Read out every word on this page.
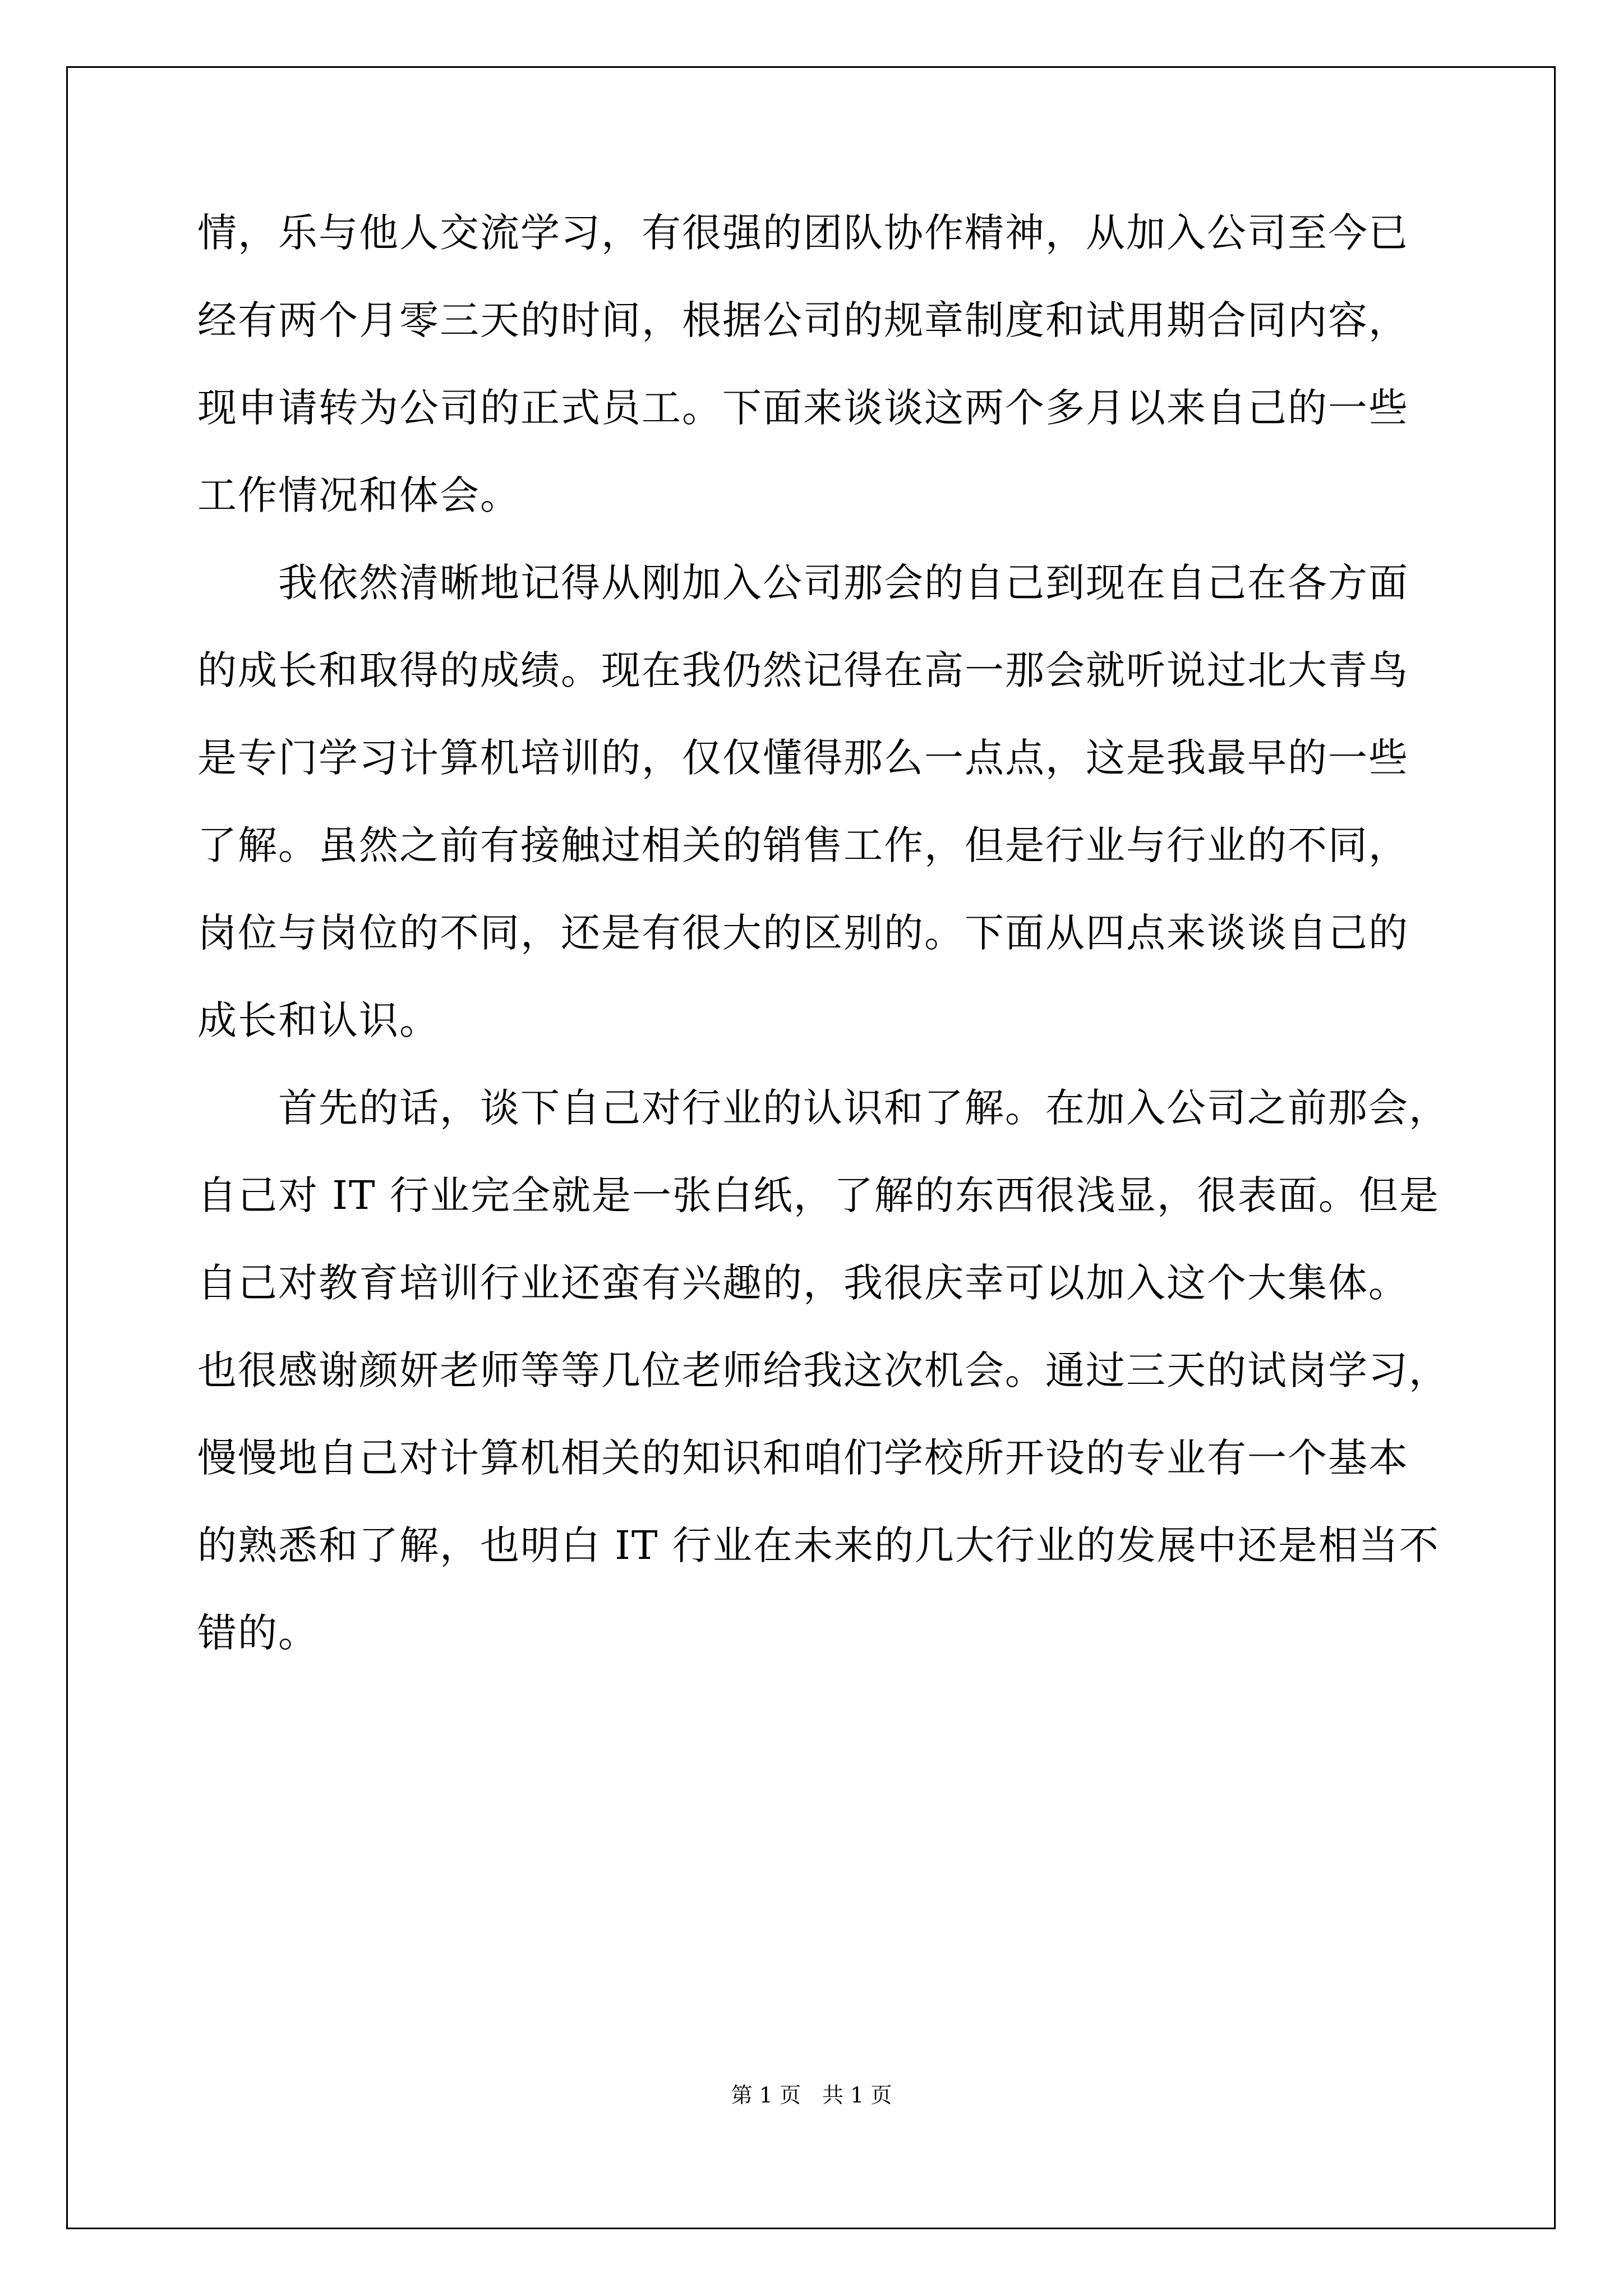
情，乐与他人交流学习，有很强的团队协作精神，从加入公司至今已
经有两个月零三天的时间，根据公司的规章制度和试用期合同内容，
现申请转为公司的正式员工。下面来谈谈这两个多月以来自己的一些
工作情况和体会。
　　我依然清晰地记得从刚加入公司那会的自己到现在自己在各方面
的成长和取得的成绩。现在我仍然记得在高一那会就听说过北大青鸟
是专门学习计算机培训的，仅仅懂得那么一点点，这是我最早的一些
了解。虽然之前有接触过相关的销售工作，但是行业与行业的不同，
岗位与岗位的不同，还是有很大的区别的。下面从四点来谈谈自己的
成长和认识。
　　首先的话，谈下自己对行业的认识和了解。在加入公司之前那会，
自己对 IT 行业完全就是一张白纸，了解的东西很浅显，很表面。但是
自己对教育培训行业还蛮有兴趣的，我很庆幸可以加入这个大集体。
也很感谢颜妍老师等等几位老师给我这次机会。通过三天的试岗学习，
慢慢地自己对计算机相关的知识和咱们学校所开设的专业有一个基本
的熟悉和了解，也明白 IT 行业在未来的几大行业的发展中还是相当不
错的。
第 1 页　共 1 页
